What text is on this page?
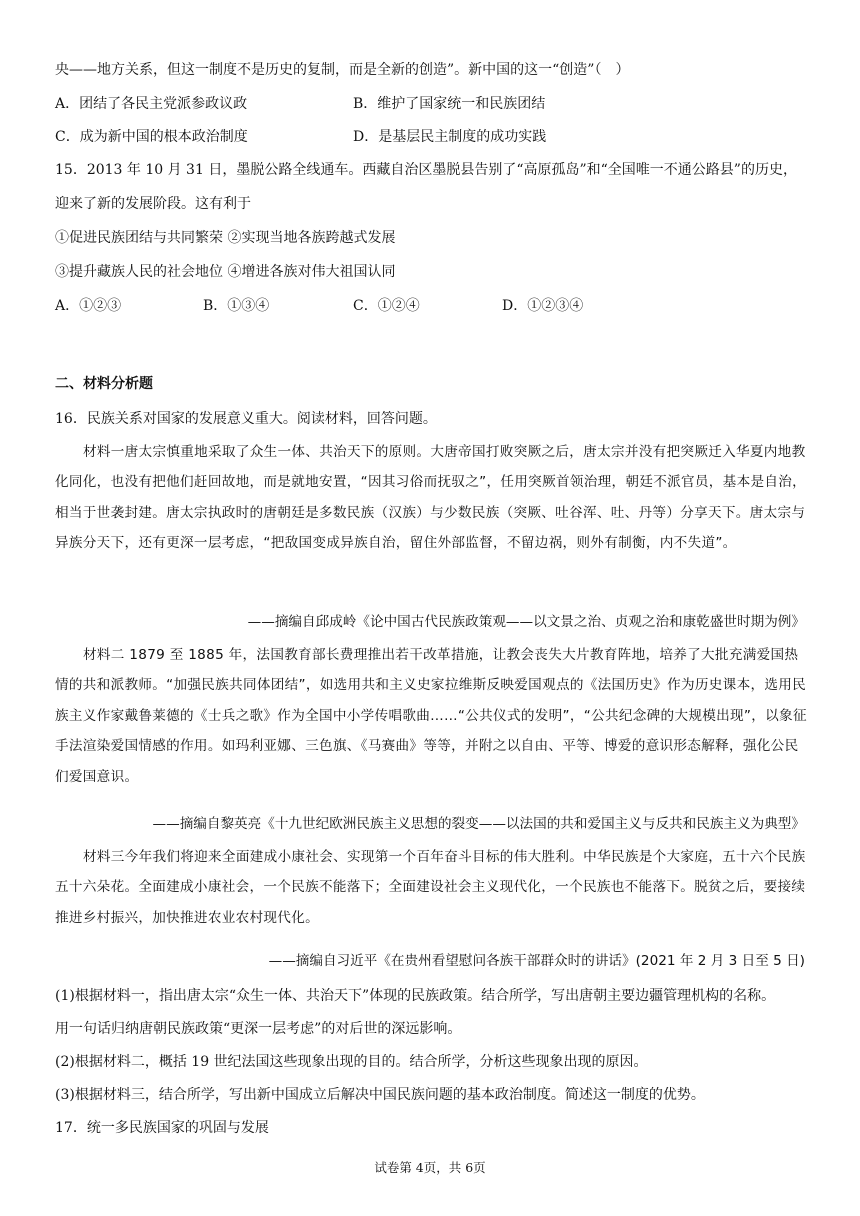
央——地方关系，但这一制度不是历史的复制，而是全新的创造”。新中国的这一“创造”（　）
A．团结了各民主党派参政议政	B．维护了国家统一和民族团结
C．成为新中国的根本政治制度	D．是基层民主制度的成功实践
15．2013 年 10 月 31 日，墨脱公路全线通车。西藏自治区墨脱县告别了“高原孤岛”和“全国唯一不通公路县”的历史，
迎来了新的发展阶段。这有利于
①促进民族团结与共同繁荣 ②实现当地各族跨越式发展
③提升藏族人民的社会地位 ④增进各族对伟大祖国认同
A．①②③	B．①③④	C．①②④	D．①②③④
二、材料分析题
16．民族关系对国家的发展意义重大。阅读材料，回答问题。
材料一唐太宗慎重地采取了众生一体、共治天下的原则。大唐帝国打败突厥之后，唐太宗并没有把突厥迁入华夏内地教化同化，也没有把他们赶回故地，而是就地安置，“因其习俗而抚驭之”，任用突厥首领治理，朝廷不派官员，基本是自治，相当于世袭封建。唐太宗执政时的唐朝廷是多数民族（汉族）与少数民族（突厥、吐谷浑、吐、丹等）分享天下。唐太宗与异族分天下，还有更深一层考虑，“把敌国变成异族自治，留住外部监督，不留边祸，则外有制衡，内不失道”。
——摘编自邱成岭《论中国古代民族政策观——以文景之治、贞观之治和康乾盛世时期为例》
材料二 1879 至 1885 年，法国教育部长费理推出若干改革措施，让教会丧失大片教育阵地，培养了大批充满爱国热情的共和派教师。“加强民族共同体团结”，如选用共和主义史家拉维斯反映爱国观点的《法国历史》作为历史课本，选用民族主义作家戴鲁莱德的《士兵之歌》作为全国中小学传唱歌曲……“公共仪式的发明”，“公共纪念碑的大规模出现”，以象征手法渲染爱国情感的作用。如玛利亚娜、三色旗、《马赛曲》等等，并附之以自由、平等、博爱的意识形态解释，强化公民们爱国意识。
——摘编自黎英亮《十九世纪欧洲民族主义思想的裂变——以法国的共和爱国主义与反共和民族主义为典型》
材料三今年我们将迎来全面建成小康社会、实现第一个百年奋斗目标的伟大胜利。中华民族是个大家庭，五十六个民族五十六朵花。全面建成小康社会，一个民族不能落下；全面建设社会主义现代化，一个民族也不能落下。脱贫之后，要接续推进乡村振兴，加快推进农业农村现代化。
——摘编自习近平《在贵州看望慰问各族干部群众时的讲话》(2021 年 2 月 3 日至 5 日)
(1)根据材料一，指出唐太宗“众生一体、共治天下”体现的民族政策。结合所学，写出唐朝主要边疆管理机构的名称。
用一句话归纳唐朝民族政策“更深一层考虑”的对后世的深远影响。
(2)根据材料二，概括 19 世纪法国这些现象出现的目的。结合所学，分析这些现象出现的原因。
(3)根据材料三，结合所学，写出新中国成立后解决中国民族问题的基本政治制度。简述这一制度的优势。
17．统一多民族国家的巩固与发展
试卷第 4页，共 6页
